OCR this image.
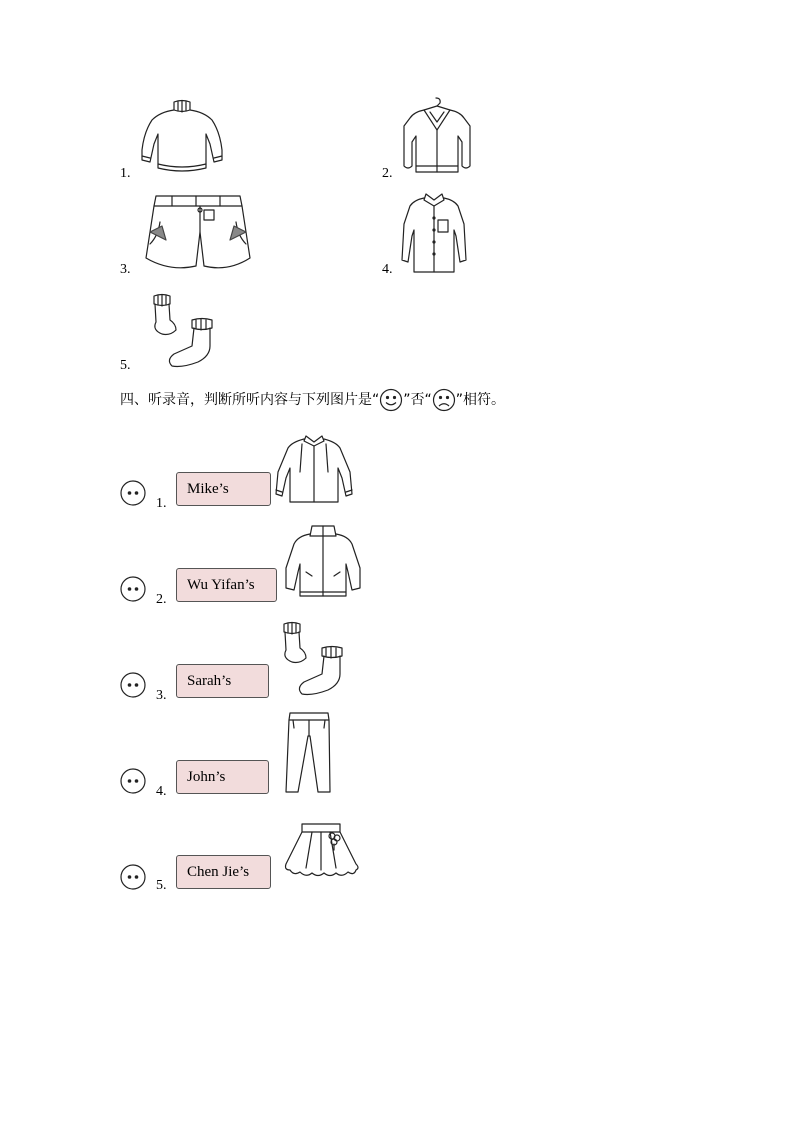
1.	2.
3.	4.
5.
四、听录音，判断所听内容与下列图片是“ ”否“ ”相符。
1.
Mike’s
2.
Wu Yifan’s
3.
Sarah’s
4.
John’s
5.
Chen Jie’s
